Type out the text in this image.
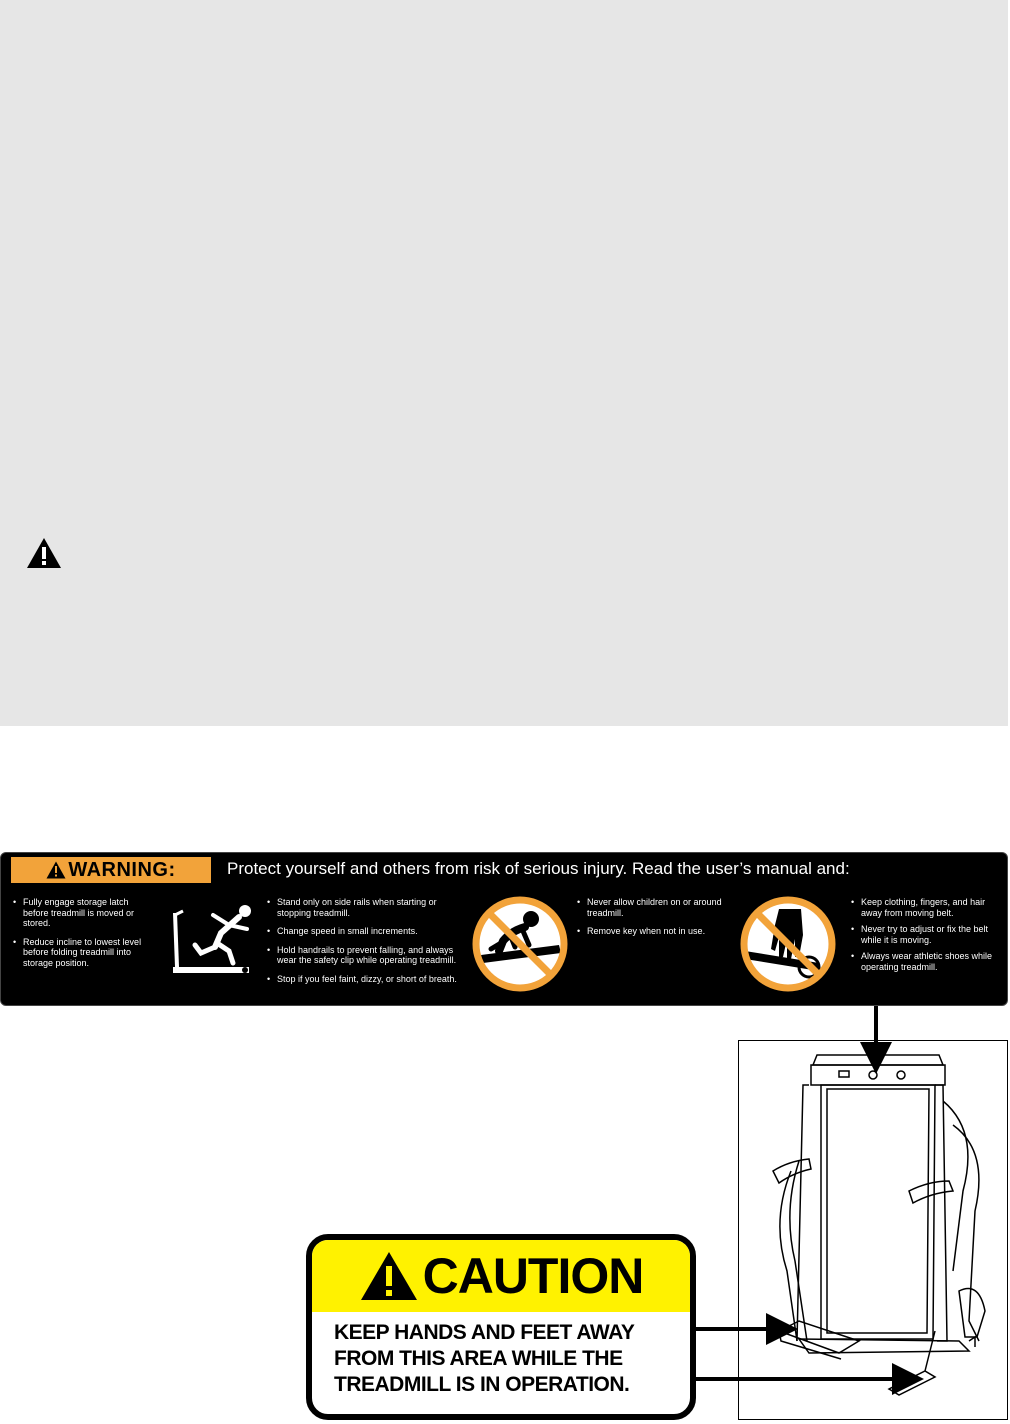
WARNING:	Protect yourself and others from risk of serious injury. Read the user’s manual and:
• Fully engage storage latch before treadmill is moved or stored.
• Reduce incline to lowest level before folding treadmill into storage position.
• Stand only on side rails when starting or stopping treadmill.
• Change speed in small increments.
• Hold handrails to prevent falling, and always wear the safety clip while operating treadmill.
• Stop if you feel faint, dizzy, or short of breath.
• Never allow children on or around treadmill.
• Remove key when not in use.
• Keep clothing, fingers, and hair away from moving belt.
• Never try to adjust or fix the belt while it is moving.
• Always wear athletic shoes while operating treadmill.
CAUTION
KEEP HANDS AND FEET AWAY
FROM THIS AREA WHILE THE
TREADMILL IS IN OPERATION.
